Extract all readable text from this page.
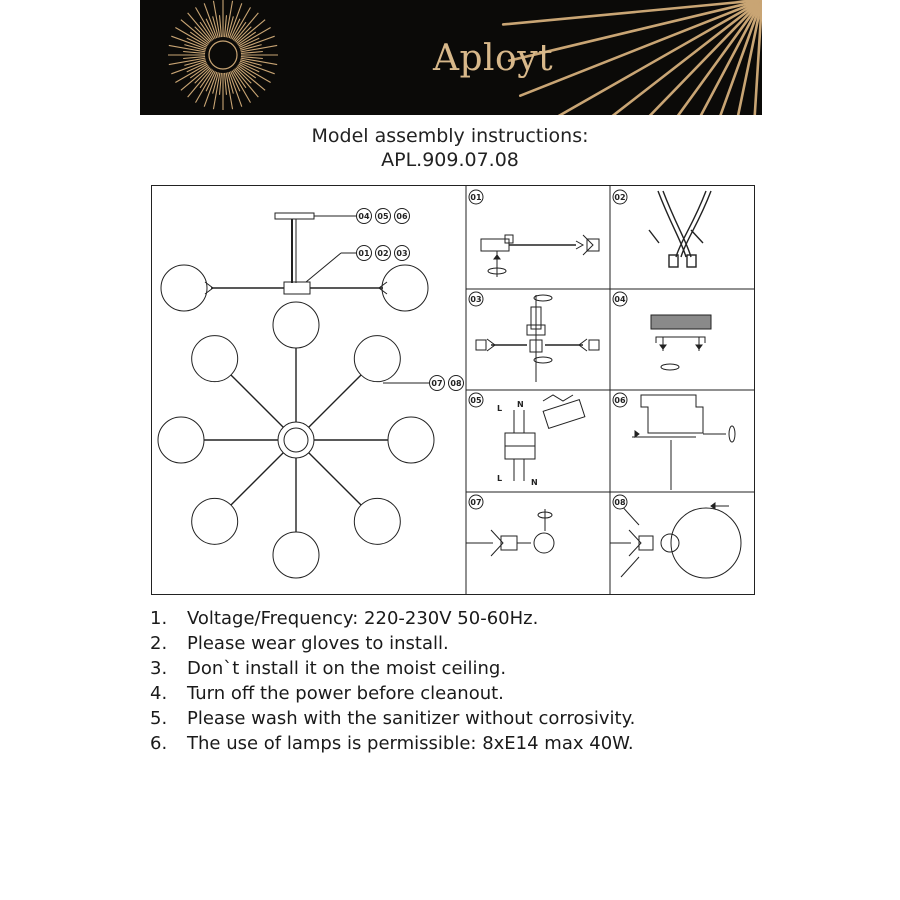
Aployt
Model assembly instructions:
APL.909.07.08
04 05 06
01 02 03
07 08
L N
L	N
01	02
03	04
05	06
07	08
1.	Voltage/Frequency: 220-230V 50-60Hz.
2.	Please wear gloves to install.
3.	Don`t install it on the moist ceiling.
4.	Turn off the power before cleanout.
5.	Please wash with the sanitizer without corrosivity.
6.	The use of lamps is permissible: 8xE14 max 40W.
